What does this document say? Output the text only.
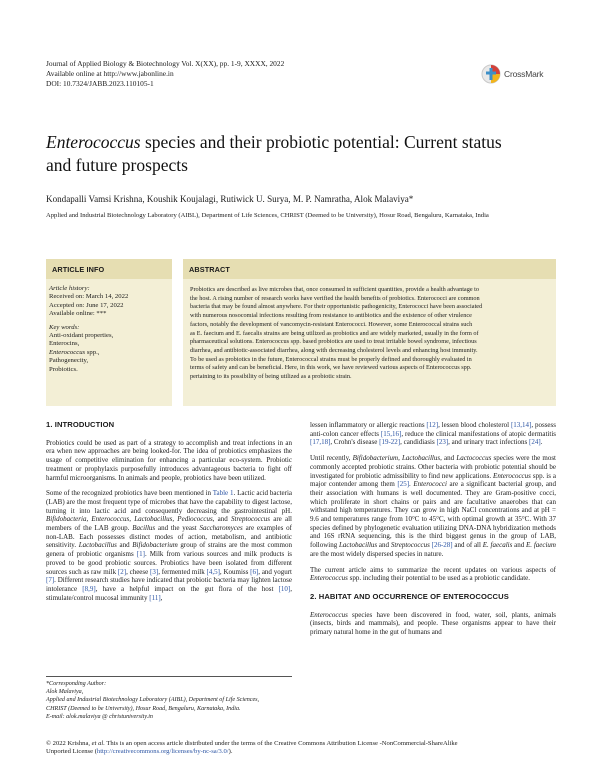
Journal of Applied Biology & Biotechnology Vol. X(XX), pp. 1-9, XXXX, 2022
Available online at http://www.jabonline.in
DOI: 10.7324/JABB.2023.110105-1
CrossMark
Enterococcus species and their probiotic potential: Current status
and future prospects
Kondapalli Vamsi Krishna, Koushik Koujalagi, Rutiwick U. Surya, M. P. Namratha, Alok Malaviya*
Applied and Industrial Biotechnology Laboratory (AIBL), Department of Life Sciences, CHRIST (Deemed to be University), Hosur Road, Bengaluru, Karnataka, India
ARTICLE INFO
Article history:
Received on: March 14, 2022
Accepted on: June 17, 2022
Available online: ***
Key words:
Anti-oxidant properties,
Enterocins,
Enterococcus spp.,
Pathogenecity,
Probiotics.
ABSTRACT
Probiotics are described as live microbes that, once consumed in sufficient quantities, provide a health advantage to
the host. A rising number of research works have verified the health benefits of probiotics. Enterococci are common
bacteria that may be found almost anywhere. For their opportunistic pathogenicity, Enterococci have been associated
with numerous nosocomial infections resulting from resistance to antibiotics and the existence of other virulence
factors, notably the development of vancomycin-resistant Enterococci. However, some Enterococcal strains such
as E. faecium and E. faecalis strains are being utilized as probiotics and are widely marketed, usually in the form of
pharmaceutical solutions. Enterococcus spp. based probiotics are used to treat irritable bowel syndrome, infectious
diarrhea, and antibiotic-associated diarrhea, along with decreasing cholesterol levels and enhancing host immunity.
To be used as probiotics in the future, Enterococcal strains must be properly defined and thoroughly evaluated in
terms of safety and can be beneficial. Here, in this work, we have reviewed various aspects of Enterococcus spp.
pertaining to its possibility of being utilized as a probiotic strain.
1. INTRODUCTION
Probiotics could be used as part of a strategy to accomplish and treat infections in an era when new approaches are being looked-for. The idea of probiotics emphasizes the usage of competitive elimination for enhancing a particular eco-system. Probiotic treatment or prophylaxis purposefully introduces advantageous bacteria to fight off harmful microorganisms. In animals and people, probiotics have been utilized.
Some of the recognized probiotics have been mentioned in Table 1. Lactic acid bacteria (LAB) are the most frequent type of microbes that have the capability to digest lactose, turning it into lactic acid and consequently decreasing the gastrointestinal pH. Bifidobacteria, Enterococcus, Lactobacillus, Pediococcus, and Streptococcus are all members of the LAB group. Bacillus and the yeast Saccharomyces are examples of non-LAB. Each possesses distinct modes of action, metabolism, and antibiotic sensitivity. Lactobacillus and Bifidobacterium group of strains are the most common genera of probiotic organisms [1]. Milk from various sources and milk products is proved to be good probiotic sources. Probiotics have been isolated from different sources such as raw milk [2], cheese [3], fermented milk [4,5], Koumiss [6], and yogurt [7]. Different research studies have indicated that probiotic bacteria may lighten lactose intolerance [8,9], have a helpful impact on the gut flora of the host [10], stimulate/control mucosal immunity [11],
*Corresponding Author:
Alok Malaviya,
Applied and Industrial Biotechnology Laboratory (AIBL), Department of Life Sciences,
CHRIST (Deemed to be University), Hosur Road, Bengaluru, Karnataka, India.
E-mail: alok.malaviya @ christuniversity.in
lessen inflammatory or allergic reactions [12], lessen blood cholesterol [13,14], possess anti-colon cancer effects [15,16], reduce the clinical manifestations of atopic dermatitis [17,18], Crohn's disease [19-22], candidiasis [23], and urinary tract infections [24].
Until recently, Bifidobacterium, Lactobacillus, and Lactococcus species were the most commonly accepted probiotic strains. Other bacteria with probiotic potential should be investigated for probiotic admissibility to find new applications. Enterococcus spp. is a major contender among them [25]. Enterococci are a significant bacterial group, and their association with humans is well documented. They are Gram-positive cocci, which proliferate in short chains or pairs and are facultative anaerobes that can withstand high temperatures. They can grow in high NaCl concentrations and at pH = 9.6 and temperatures range from 10°C to 45°C, with optimal growth at 35°C. With 37 species defined by phylogenetic evaluation utilizing DNA-DNA hybridization methods and 16S rRNA sequencing, this is the third biggest genus in the group of LAB, following Lactobacillus and Streptococcus [26-28] and of all E. faecalis and E. faecium are the most widely dispersed species in nature.
The current article aims to summarize the recent updates on various aspects of Enterococcus spp. including their potential to be used as a probiotic candidate.
2. HABITAT AND OCCURRENCE OF ENTEROCOCCUS
Enterococcus species have been discovered in food, water, soil, plants, animals (insects, birds and mammals), and people. These organisms appear to have their primary natural home in the gut of humans and
© 2022 Krishna, et al. This is an open access article distributed under the terms of the Creative Commons Attribution License -NonCommercial-ShareAlike
Unported License (http://creativecommons.org/licenses/by-nc-sa/3.0/).
